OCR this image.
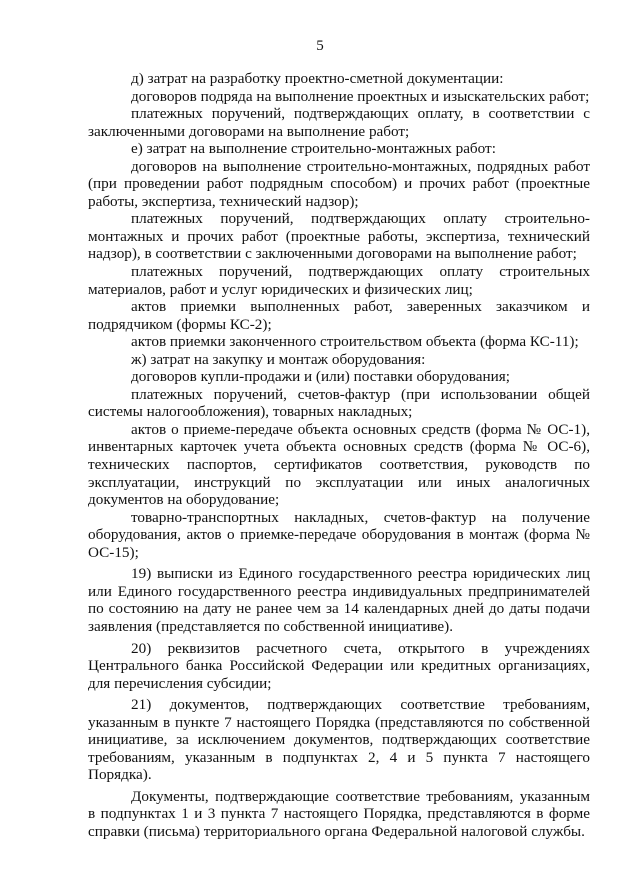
5

д) затрат на разработку проектно-сметной документации:

договоров подряда на выполнение проектных и изыскательских работ;

платежных поручений, подтверждающих оплату, в соответствии с заключенными договорами на выполнение работ;

е) затрат на выполнение строительно-монтажных работ:

договоров на выполнение строительно-монтажных, подрядных работ (при проведении работ подрядным способом) и прочих работ (проектные работы, экспертиза, технический надзор);

платежных поручений, подтверждающих оплату строительно-монтажных и прочих работ (проектные работы, экспертиза, технический надзор), в соответствии с заключенными договорами на выполнение работ;

платежных поручений, подтверждающих оплату строительных материалов, работ и услуг юридических и физических лиц;

актов приемки выполненных работ, заверенных заказчиком и подрядчиком (формы КС-2);

актов приемки законченного строительством объекта (форма КС-11);

ж) затрат на закупку и монтаж оборудования:

договоров купли-продажи и (или) поставки оборудования;

платежных поручений, счетов-фактур (при использовании общей системы налогообложения), товарных накладных;

актов о приеме-передаче объекта основных средств (форма № ОС-1), инвентарных карточек учета объекта основных средств (форма № ОС-6), технических паспортов, сертификатов соответствия, руководств по эксплуатации, инструкций по эксплуатации или иных аналогичных документов на оборудование;

товарно-транспортных накладных, счетов-фактур на получение оборудования, актов о приемке-передаче оборудования в монтаж (форма № ОС-15);

19) выписки из Единого государственного реестра юридических лиц или Единого государственного реестра индивидуальных предпринимателей по состоянию на дату не ранее чем за 14 календарных дней до даты подачи заявления (представляется по собственной инициативе).

20) реквизитов расчетного счета, открытого в учреждениях Центрального банка Российской Федерации или кредитных организациях, для перечисления субсидии;

21) документов, подтверждающих соответствие требованиям, указанным в пункте 7 настоящего Порядка (представляются по собственной инициативе, за исключением документов, подтверждающих соответствие требованиям, указанным в подпунктах 2, 4 и 5 пункта 7 настоящего Порядка).

Документы, подтверждающие соответствие требованиям, указанным в подпунктах 1 и 3 пункта 7 настоящего Порядка, представляются в форме справки (письма) территориального органа Федеральной налоговой службы.
